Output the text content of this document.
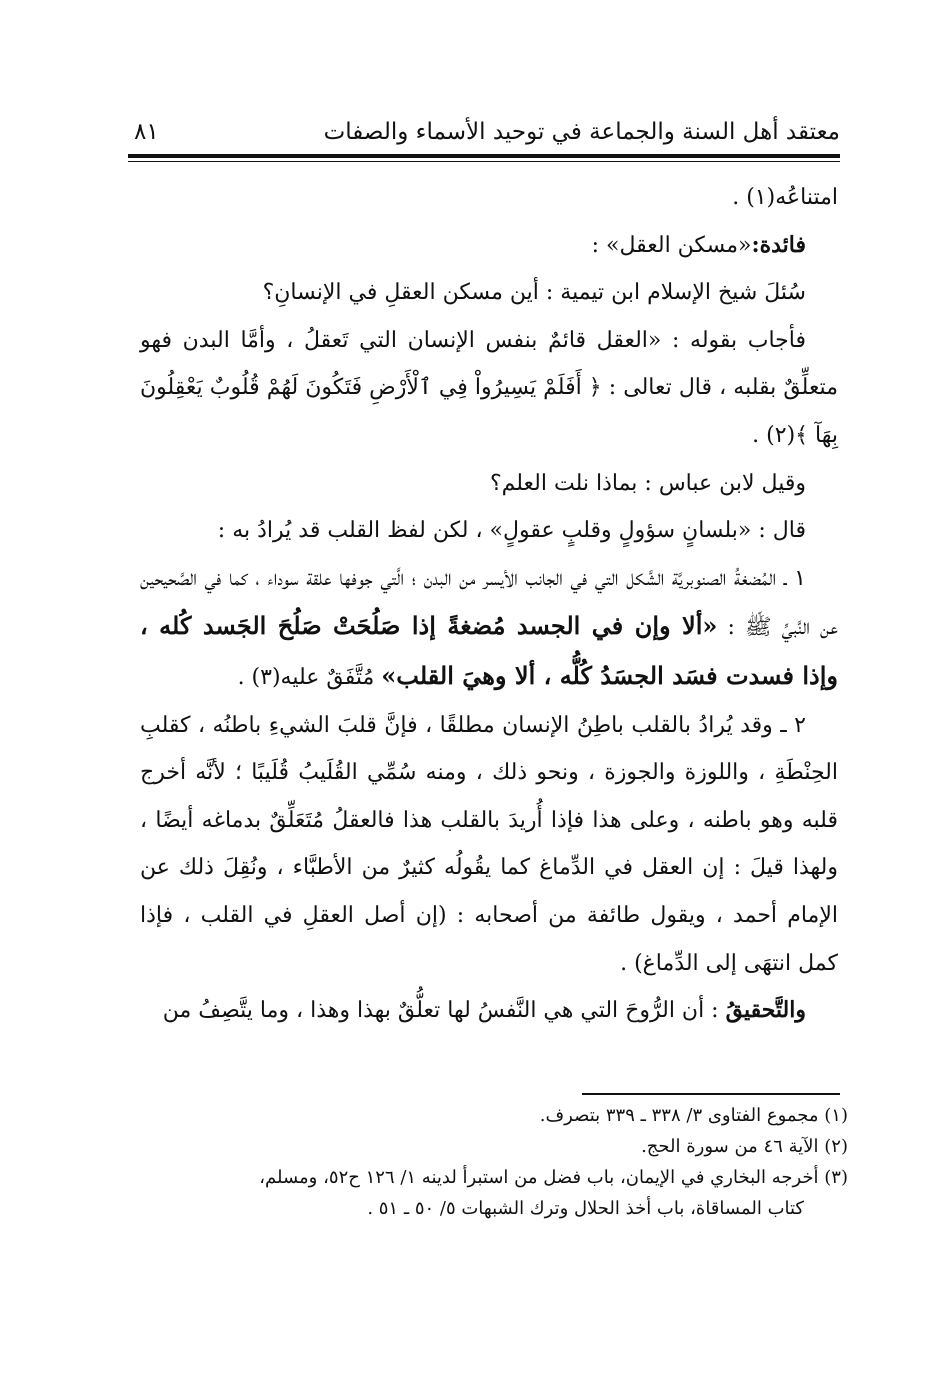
معتقد أهل السنة والجماعة في توحيد الأسماء والصفات
٨١

امتناعُه(١) .

فائدة:«مسكن العقل» :

سُئلَ شيخ الإسلام ابن تيمية : أين مسكن العقلِ في الإنسانِ؟

فأجاب بقوله : «العقل قائمٌ بنفس الإنسان التي تَعقلُ ، وأمَّا البدن فهو متعلِّقٌ بقلبه ، قال تعالى : ﴿ أَفَلَمْ يَسِيرُواْ فِي ٱلْأَرْضِ فَتَكُونَ لَهُمْ قُلُوبٌ يَعْقِلُونَ بِهَآ ﴾(٢) .

وقيل لابن عباس : بماذا نلت العلم؟

قال : «بلسانٍ سؤولٍ وقلبٍ عقولٍ» ، لكن لفظ القلب قد يُرادُ به :

١ ـ المُضغةُ الصنوبريَّة الشَّكل التي في الجانب الأيسر من البدن ؛ الَّتي جوفها علقة سوداء ، كما في الصَّحيحين عن النَّبيِّ ﷺ : «ألا وإن في الجسد مُضغةً إذا صَلُحَتْ صَلُحَ الجَسد كُله ، وإذا فسدت فسَد الجسَدُ كُلُّه ، ألا وهيَ القلب» مُتَّفَقٌ عليه(٣) .

٢ ـ وقد يُرادُ بالقلب باطِنُ الإنسان مطلقًا ، فإنَّ قلبَ الشيءِ باطنُه ، كقلبِ الحِنْطَةِ ، واللوزة والجوزة ، ونحو ذلك ، ومنه سُمِّي القُلَيبُ قُلَيبًا ؛ لأنَّه أخرج قلبه وهو باطنه ، وعلى هذا فإذا أُريدَ بالقلب هذا فالعقلُ مُتَعَلِّقٌ بدماغه أيضًا ، ولهذا قيلَ : إن العقل في الدِّماغ كما يقُولُه كثيرٌ من الأطبَّاء ، ونُقِلَ ذلك عن الإمام أحمد ، ويقول طائفة من أصحابه : (إن أصل العقلِ في القلب ، فإذا كمل انتهَى إلى الدِّماغ) .

والتَّحقيقُ : أن الرُّوحَ التي هي النَّفسُ لها تعلُّقٌ بهذا وهذا ، وما يتَّصِفُ من

(١) مجموع الفتاوى ٣/ ٣٣٨ ـ ٣٣٩ بتصرف.

(٢) الآية ٤٦ من سورة الحج.

(٣) أخرجه البخاري في الإيمان، باب فضل من استبرأ لدينه ١/ ١٢٦ ح٥٢، ومسلم،

كتاب المساقاة، باب أخذ الحلال وترك الشبهات ٥/ ٥٠ ـ ٥١ .
